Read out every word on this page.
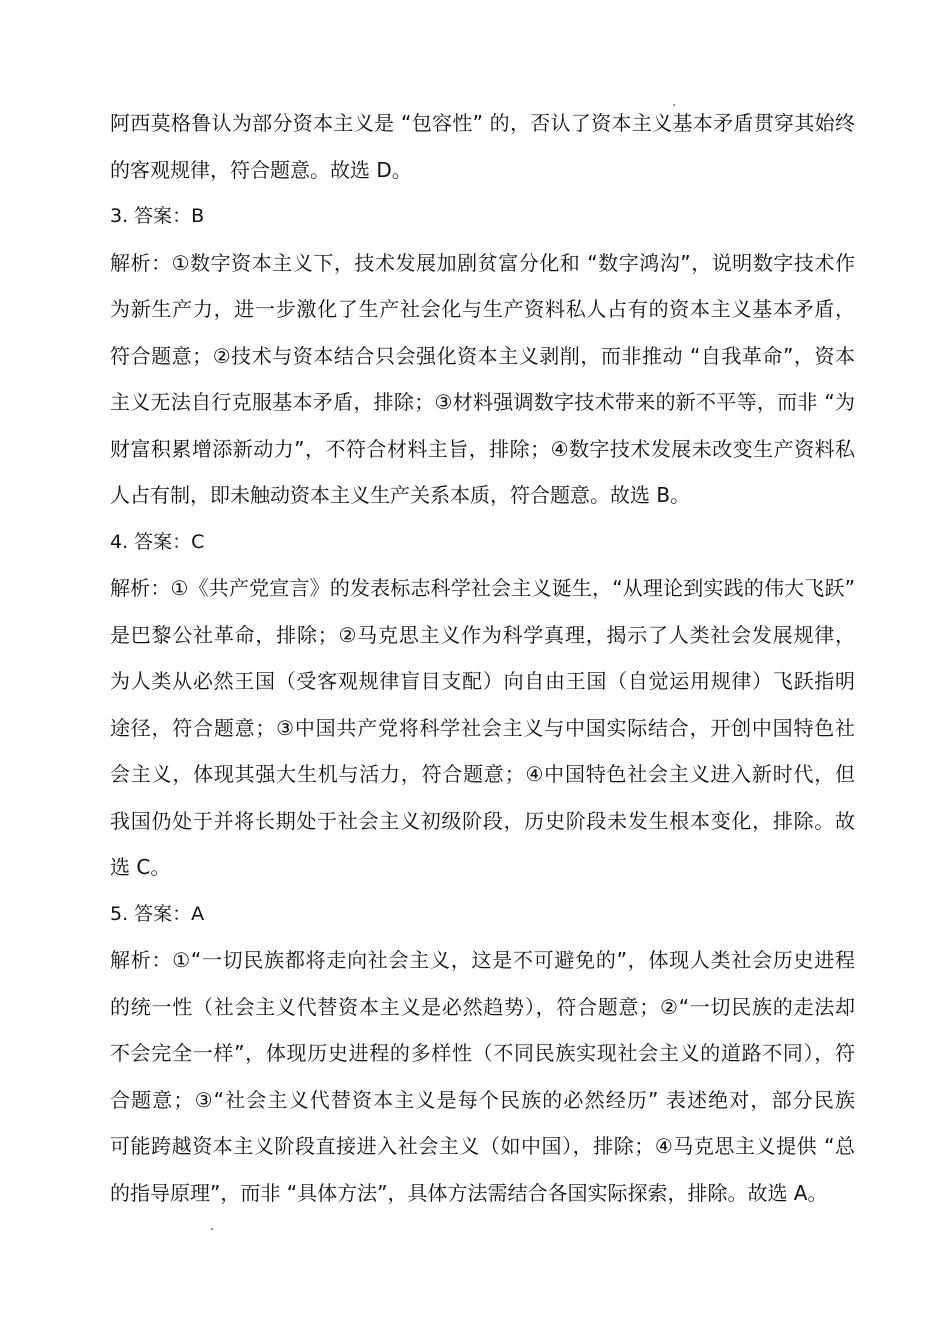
阿西莫格鲁认为部分资本主义是 “包容性” 的，否认了资本主义基本矛盾贯穿其始终
的客观规律，符合题意。故选 D。
3. 答案：B
解析：①数字资本主义下，技术发展加剧贫富分化和 “数字鸿沟”，说明数字技术作
为新生产力，进一步激化了生产社会化与生产资料私人占有的资本主义基本矛盾，
符合题意；②技术与资本结合只会强化资本主义剥削，而非推动 “自我革命”，资本
主义无法自行克服基本矛盾，排除；③材料强调数字技术带来的新不平等，而非 “为
财富积累增添新动力”，不符合材料主旨，排除；④数字技术发展未改变生产资料私
人占有制，即未触动资本主义生产关系本质，符合题意。故选 B。
4. 答案：C
解析：①《共产党宣言》的发表标志科学社会主义诞生，“从理论到实践的伟大飞跃”
是巴黎公社革命，排除；②马克思主义作为科学真理，揭示了人类社会发展规律，
为人类从必然王国（受客观规律盲目支配）向自由王国（自觉运用规律）飞跃指明
途径，符合题意；③中国共产党将科学社会主义与中国实际结合，开创中国特色社
会主义，体现其强大生机与活力，符合题意；④中国特色社会主义进入新时代，但
我国仍处于并将长期处于社会主义初级阶段，历史阶段未发生根本变化，排除。故
选 C。
5. 答案：A
解析：①“一切民族都将走向社会主义，这是不可避免的”，体现人类社会历史进程
的统一性（社会主义代替资本主义是必然趋势），符合题意；②“一切民族的走法却
不会完全一样”，体现历史进程的多样性（不同民族实现社会主义的道路不同），符
合题意；③“社会主义代替资本主义是每个民族的必然经历” 表述绝对，部分民族
可能跨越资本主义阶段直接进入社会主义（如中国），排除；④马克思主义提供 “总
的指导原理”，而非 “具体方法”，具体方法需结合各国实际探索，排除。故选 A。
